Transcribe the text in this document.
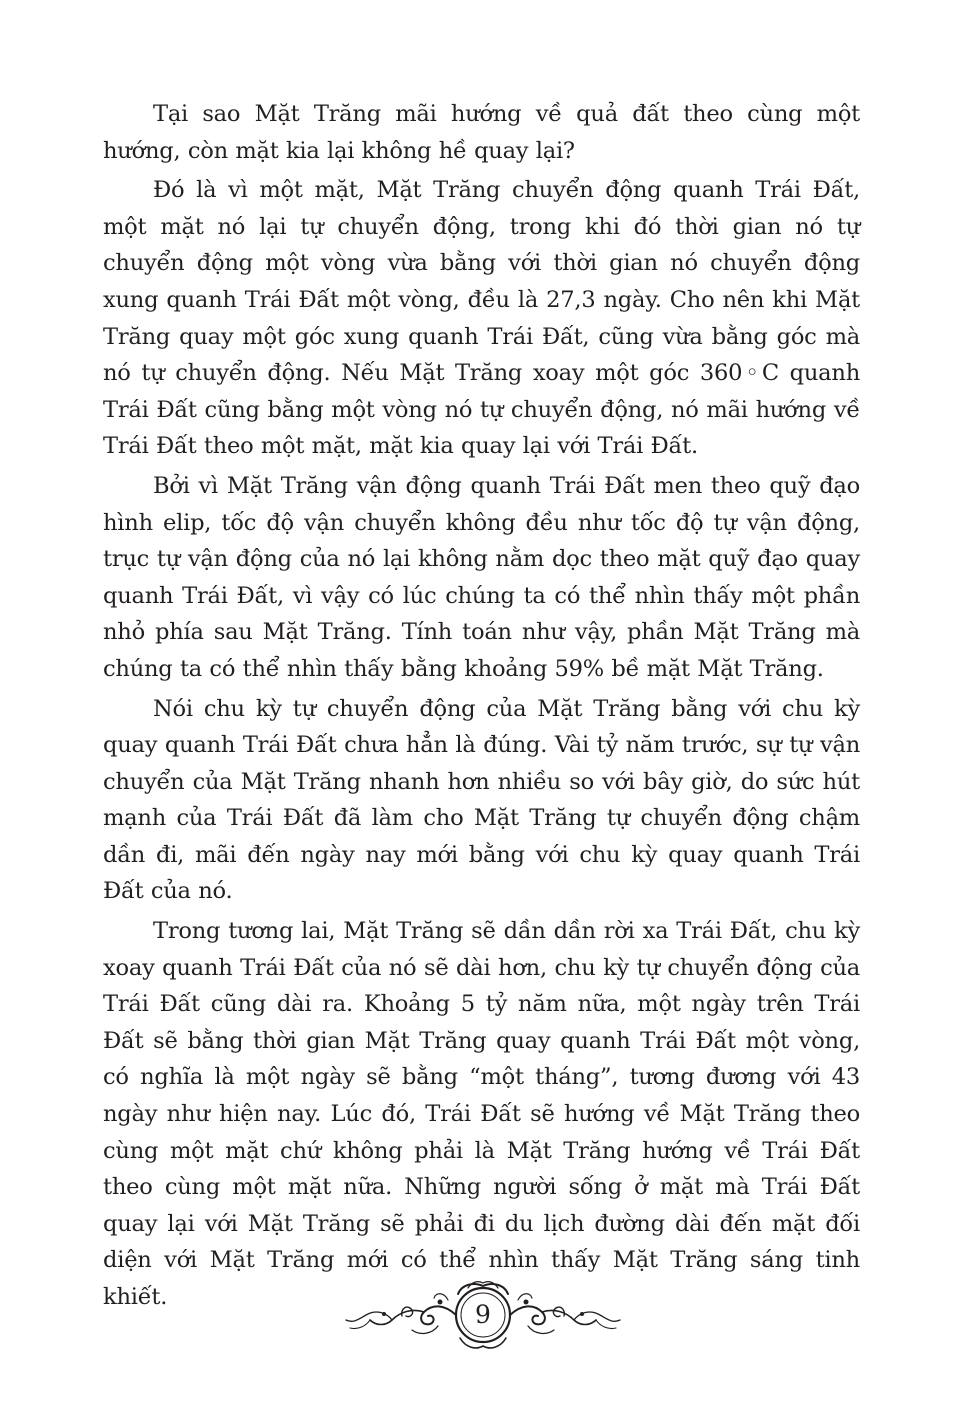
Tại sao Mặt Trăng mãi hướng về quả đất theo cùng một hướng, còn mặt kia lại không hề quay lại?

Đó là vì một mặt, Mặt Trăng chuyển động quanh Trái Đất, một mặt nó lại tự chuyển động, trong khi đó thời gian nó tự chuyển động một vòng vừa bằng với thời gian nó chuyển động xung quanh Trái Đất một vòng, đều là 27,3 ngày. Cho nên khi Mặt Trăng quay một góc xung quanh Trái Đất, cũng vừa bằng góc mà nó tự chuyển động. Nếu Mặt Trăng xoay một góc 360◦C quanh Trái Đất cũng bằng một vòng nó tự chuyển động, nó mãi hướng về Trái Đất theo một mặt, mặt kia quay lại với Trái Đất.

Bởi vì Mặt Trăng vận động quanh Trái Đất men theo quỹ đạo hình elip, tốc độ vận chuyển không đều như tốc độ tự vận động, trục tự vận động của nó lại không nằm dọc theo mặt quỹ đạo quay quanh Trái Đất, vì vậy có lúc chúng ta có thể nhìn thấy một phần nhỏ phía sau Mặt Trăng. Tính toán như vậy, phần Mặt Trăng mà chúng ta có thể nhìn thấy bằng khoảng 59% bề mặt Mặt Trăng.

Nói chu kỳ tự chuyển động của Mặt Trăng bằng với chu kỳ quay quanh Trái Đất chưa hẳn là đúng. Vài tỷ năm trước, sự tự vận chuyển của Mặt Trăng nhanh hơn nhiều so với bây giờ, do sức hút mạnh của Trái Đất đã làm cho Mặt Trăng tự chuyển động chậm dần đi, mãi đến ngày nay mới bằng với chu kỳ quay quanh Trái Đất của nó.

Trong tương lai, Mặt Trăng sẽ dần dần rời xa Trái Đất, chu kỳ xoay quanh Trái Đất của nó sẽ dài hơn, chu kỳ tự chuyển động của Trái Đất cũng dài ra. Khoảng 5 tỷ năm nữa, một ngày trên Trái Đất sẽ bằng thời gian Mặt Trăng quay quanh Trái Đất một vòng, có nghĩa là một ngày sẽ bằng “một tháng”, tương đương với 43 ngày như hiện nay. Lúc đó, Trái Đất sẽ hướng về Mặt Trăng theo cùng một mặt chứ không phải là Mặt Trăng hướng về Trái Đất theo cùng một mặt nữa. Những người sống ở mặt mà Trái Đất quay lại với Mặt Trăng sẽ phải đi du lịch đường dài đến mặt đối diện với Mặt Trăng mới có thể nhìn thấy Mặt Trăng sáng tinh khiết.

9
